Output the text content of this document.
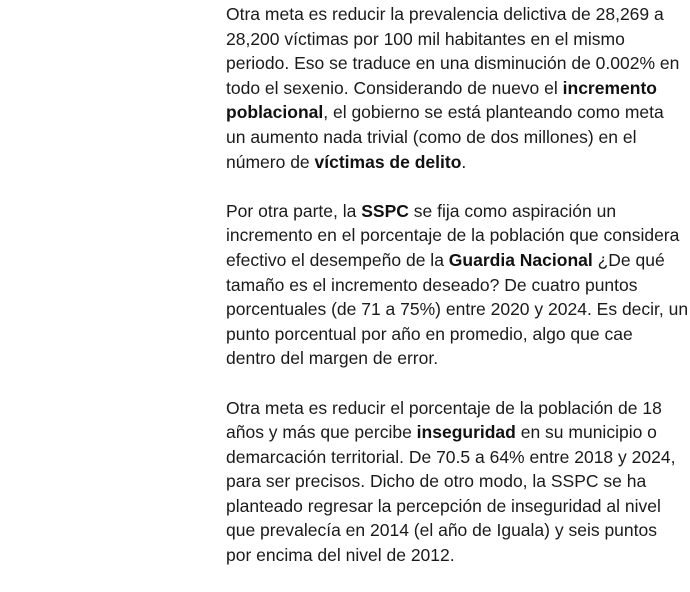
Otra meta es reducir la prevalencia delictiva de 28,269 a
28,200 víctimas por 100 mil habitantes en el mismo
periodo. Eso se traduce en una disminución de 0.002% en
todo el sexenio. Considerando de nuevo el incremento
poblacional, el gobierno se está planteando como meta
un aumento nada trivial (como de dos millones) en el
número de víctimas de delito.

Por otra parte, la SSPC se fija como aspiración un
incremento en el porcentaje de la población que considera
efectivo el desempeño de la Guardia Nacional ¿De qué
tamaño es el incremento deseado? De cuatro puntos
porcentuales (de 71 a 75%) entre 2020 y 2024. Es decir, un
punto porcentual por año en promedio, algo que cae
dentro del margen de error.

Otra meta es reducir el porcentaje de la población de 18
años y más que percibe inseguridad en su municipio o
demarcación territorial. De 70.5 a 64% entre 2018 y 2024,
para ser precisos. Dicho de otro modo, la SSPC se ha
planteado regresar la percepción de inseguridad al nivel
que prevalecía en 2014 (el año de Iguala) y seis puntos
por encima del nivel de 2012.
